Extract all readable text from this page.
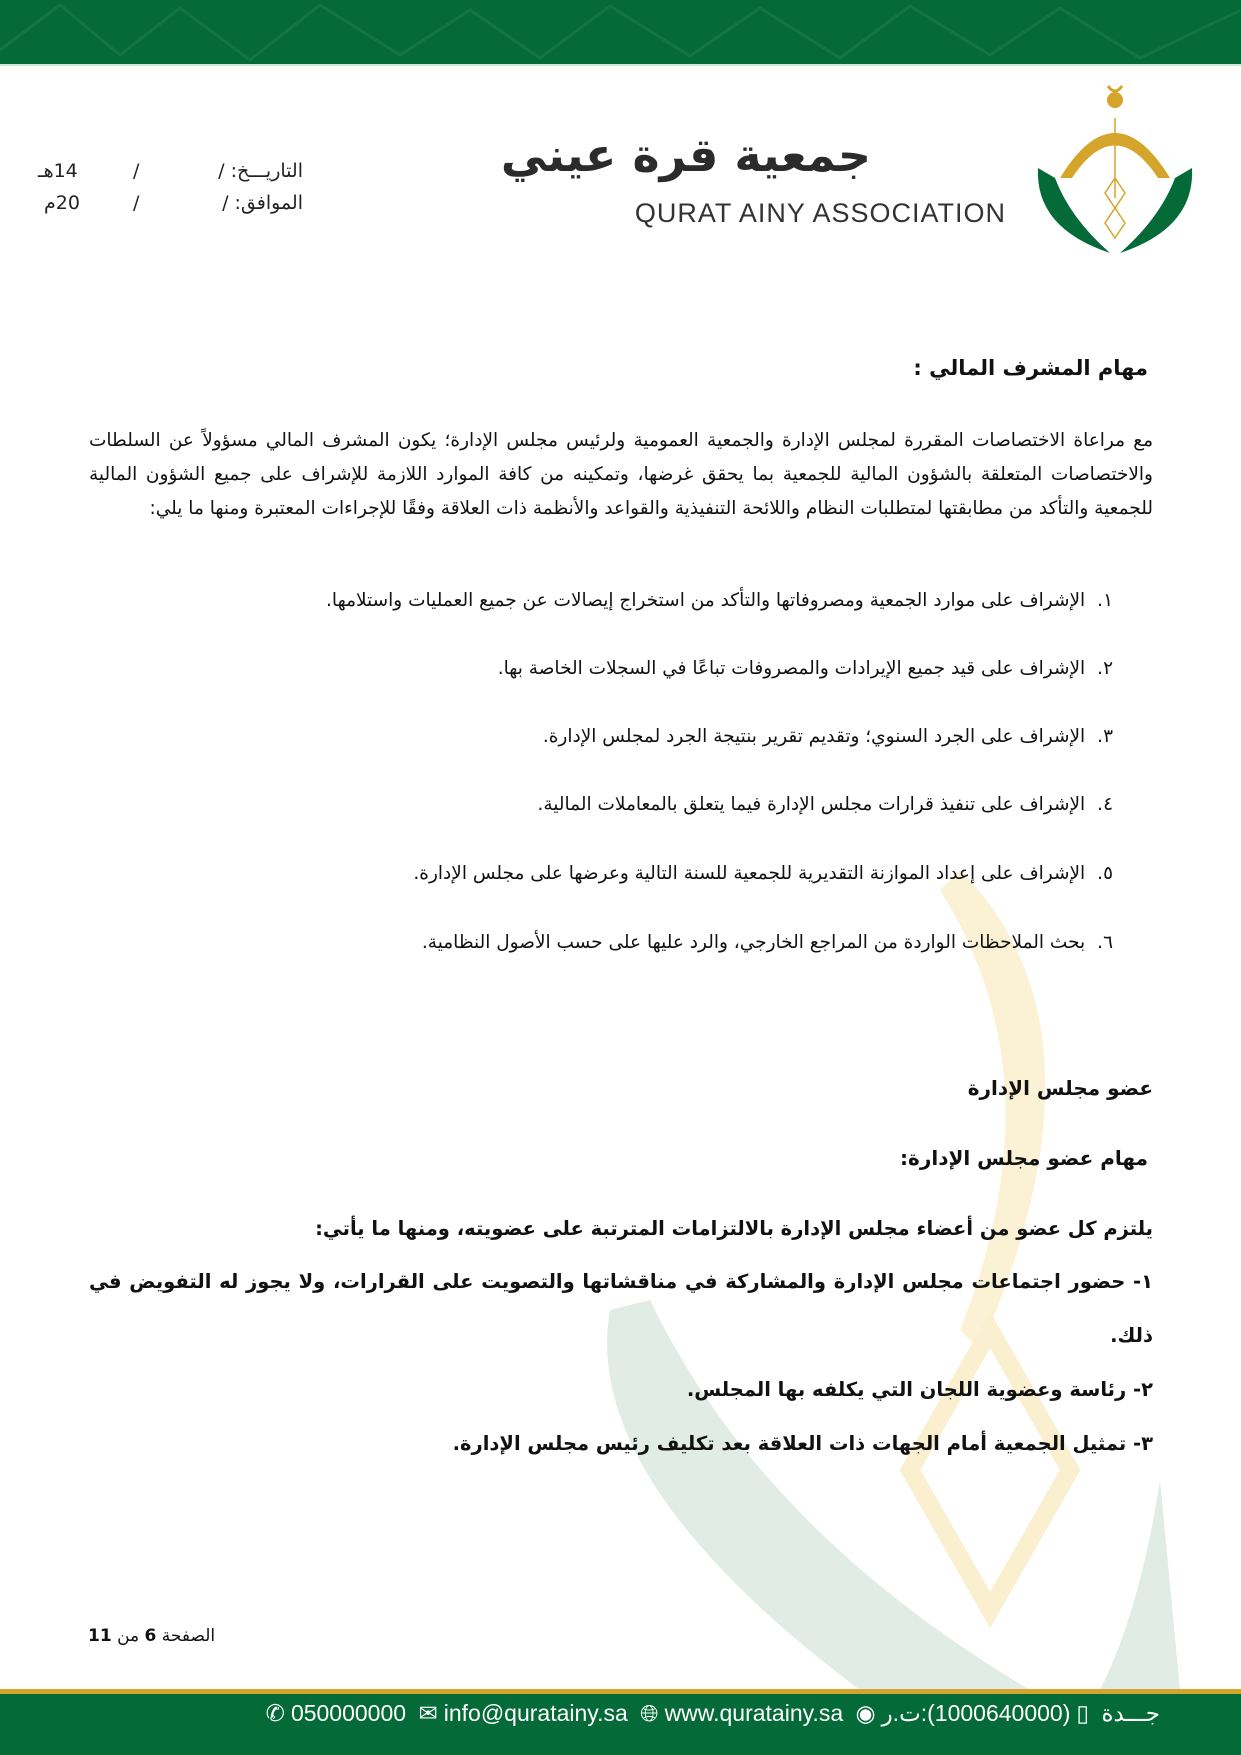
جمعية قرة عيني
QURAT AINY ASSOCIATION
التاريـــخ: /
/
14هـ
الموافق: /
/
20م
مهام المشرف المالي :
مع مراعاة الاختصاصات المقررة لمجلس الإدارة والجمعية العمومية ولرئيس مجلس الإدارة؛ يكون المشرف المالي مسؤولاً عن السلطات والاختصاصات المتعلقة بالشؤون المالية للجمعية بما يحقق غرضها، وتمكينه من كافة الموارد اللازمة للإشراف على جميع الشؤون المالية للجمعية والتأكد من مطابقتها لمتطلبات النظام واللائحة التنفيذية والقواعد والأنظمة ذات العلاقة وفقًا للإجراءات المعتبرة ومنها ما يلي:
١.الإشراف على موارد الجمعية ومصروفاتها والتأكد من استخراج إيصالات عن جميع العمليات واستلامها.
٢.الإشراف على قيد جميع الإيرادات والمصروفات تباعًا في السجلات الخاصة بها.
٣.الإشراف على الجرد السنوي؛ وتقديم تقرير بنتيجة الجرد لمجلس الإدارة.
٤.الإشراف على تنفيذ قرارات مجلس الإدارة فيما يتعلق بالمعاملات المالية.
٥.الإشراف على إعداد الموازنة التقديرية للجمعية للسنة التالية وعرضها على مجلس الإدارة.
٦.بحث الملاحظات الواردة من المراجع الخارجي، والرد عليها على حسب الأصول النظامية.
عضو مجلس الإدارة
مهام عضو مجلس الإدارة:
يلتزم كل عضو من أعضاء مجلس الإدارة بالالتزامات المترتبة على عضويته، ومنها ما يأتي:
١- حضور اجتماعات مجلس الإدارة والمشاركة في مناقشاتها والتصويت على القرارات، ولا يجوز له التفويض في
ذلك.
٢- رئاسة وعضوية اللجان التي يكلفه بها المجلس.
٣- تمثيل الجمعية أمام الجهات ذات العلاقة بعد تكليف رئيس مجلس الإدارة.
الصفحة 6 من 11
✆ 050000000 ✉ info@quratainy.sa 🌐︎ www.quratainy.sa ◉	جـــدة ▯(1000640000):ت.ر
